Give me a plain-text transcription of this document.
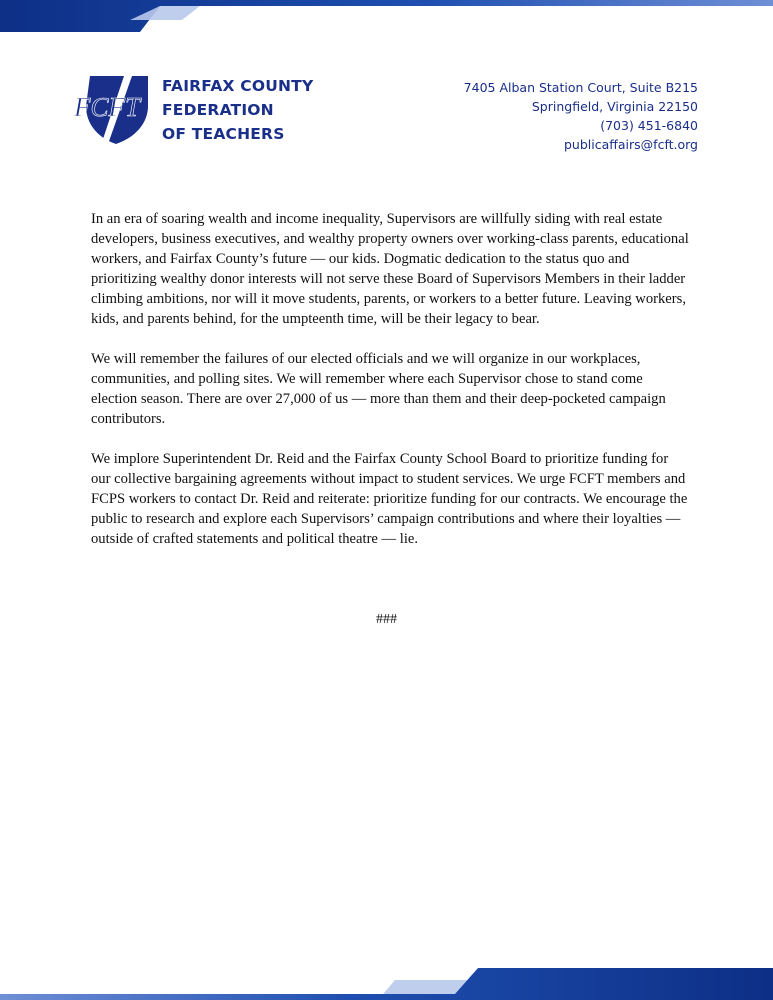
FCFT
FAIRFAX COUNTY
FEDERATION
OF TEACHERS
7405 Alban Station Court, Suite B215
Springfield, Virginia 22150
(703) 451-6840
publicaffairs@fcft.org

In an era of soaring wealth and income inequality, Supervisors are willfully siding with real estate developers, business executives, and wealthy property owners over working-class parents, educational workers, and Fairfax County’s future — our kids. Dogmatic dedication to the status quo and prioritizing wealthy donor interests will not serve these Board of Supervisors Members in their ladder climbing ambitions, nor will it move students, parents, or workers to a better future. Leaving workers, kids, and parents behind, for the umpteenth time, will be their legacy to bear.

We will remember the failures of our elected officials and we will organize in our workplaces, communities, and polling sites. We will remember where each Supervisor chose to stand come election season. There are over 27,000 of us — more than them and their deep-pocketed campaign contributors.

We implore Superintendent Dr. Reid and the Fairfax County School Board to prioritize funding for our collective bargaining agreements without impact to student services. We urge FCFT members and FCPS workers to contact Dr. Reid and reiterate: prioritize funding for our contracts. We encourage the public to research and explore each Supervisors’ campaign contributions and where their loyalties — outside of crafted statements and political theatre — lie.

###
